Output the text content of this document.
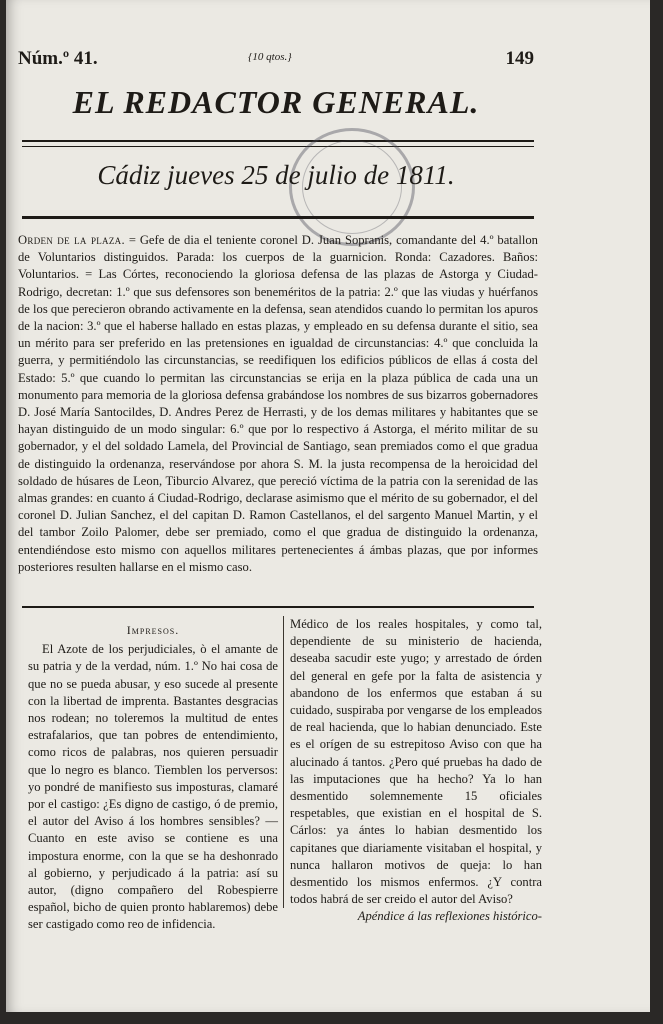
Núm.º 41.	{10 qtos.}	149
EL REDACTOR GENERAL.
Cádiz jueves 25 de julio de 1811.
Orden de la plaza. = Gefe de dia el teniente coronel D. Juan Sopranis, comandante del 4.º batallon de Voluntarios distinguidos. Parada: los cuerpos de la guarnicion. Ronda: Cazadores. Baños: Voluntarios. = Las Córtes, reconociendo la gloriosa defensa de las plazas de Astorga y Ciudad-Rodrigo, decretan: 1.º que sus defensores son beneméritos de la patria: 2.º que las viudas y huérfanos de los que perecieron obrando activamente en la defensa, sean atendidos cuando lo permitan los apuros de la nacion: 3.º que el haberse hallado en estas plazas, y empleado en su defensa durante el sitio, sea un mérito para ser preferido en las pretensiones en igualdad de circunstancias: 4.º que concluida la guerra, y permitiéndolo las circunstancias, se reedifiquen los edificios públicos de ellas á costa del Estado: 5.º que cuando lo permitan las circunstancias se erija en la plaza pública de cada una un monumento para memoria de la gloriosa defensa grabándose los nombres de sus bizarros gobernadores D. José María Santocildes, D. Andres Perez de Herrasti, y de los demas militares y habitantes que se hayan distinguido de un modo singular: 6.º que por lo respectivo á Astorga, el mérito militar de su gobernador, y el del soldado Lamela, del Provincial de Santiago, sean premiados como el que gradua de distinguido la ordenanza, reservándose por ahora S. M. la justa recompensa de la heroicidad del soldado de húsares de Leon, Tiburcio Alvarez, que pereció víctima de la patria con la serenidad de las almas grandes: en cuanto á Ciudad-Rodrigo, declarase asimismo que el mérito de su gobernador, el del coronel D. Julian Sanchez, el del capitan D. Ramon Castellanos, el del sargento Manuel Martin, y el del tambor Zoilo Palomer, debe ser premiado, como el que gradua de distinguido la ordenanza, entendiéndose esto mismo con aquellos militares pertenecientes á ámbas plazas, que por informes posteriores resulten hallarse en el mismo caso.
Impresos.

El Azote de los perjudiciales, ò el amante de su patria y de la verdad, núm. 1.º No hai cosa de que no se pueda abusar, y eso sucede al presente con la libertad de imprenta. Bastantes desgracias nos rodean; no toleremos la multitud de entes estrafalarios, que tan pobres de entendimiento, como ricos de palabras, nos quieren persuadir que lo negro es blanco. Tiemblen los perversos: yo pondré de manifiesto sus imposturas, clamaré por el castigo: ¿Es digno de castigo, ó de premio, el autor del Aviso á los hombres sensibles? — Cuanto en este aviso se contiene es una impostura enorme, con la que se ha deshonrado al gobierno, y perjudicado á la patria: así su autor, (digno compañero del Robespierre español, bicho de quien pronto hablaremos) debe ser castigado como reo de infidencia.

Médico de los reales hospitales, y como tal, dependiente de su ministerio de hacienda, deseaba sacudir este yugo; y arrestado de órden del general en gefe por la falta de asistencia y abandono de los enfermos que estaban á su cuidado, suspiraba por vengarse de los empleados de real hacienda, que lo habian denunciado. Este es el orígen de su estrepitoso Aviso con que ha alucinado á tantos. ¿Pero qué pruebas ha dado de las imputaciones que ha hecho? Ya lo han desmentido solemnemente 15 oficiales respetables, que existian en el hospital de S. Cárlos: ya ántes lo habian desmentido los capitanes que diariamente visitaban el hospital, y nunca hallaron motivos de queja: lo han desmentido los mismos enfermos. ¿Y contra todos habrá de ser creido el autor del Aviso?

Apéndice á las reflexiones histórico-
